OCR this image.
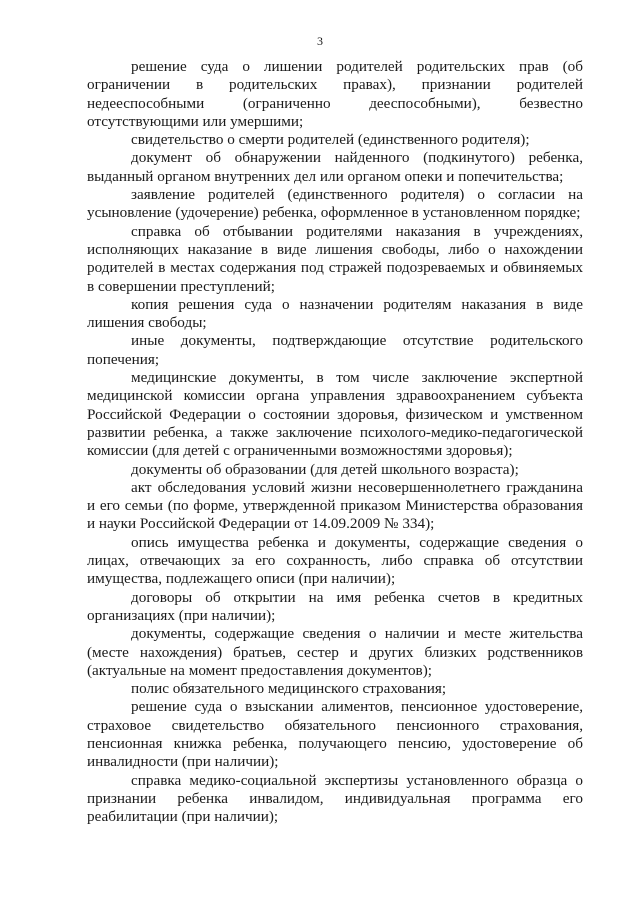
3

решение суда о лишении родителей родительских прав (об ограничении в родительских правах), признании родителей недееспособными (ограниченно дееспособными), безвестно отсутствующими или умершими;

свидетельство о смерти родителей (единственного родителя);

документ об обнаружении найденного (подкинутого) ребенка, выданный органом внутренних дел или органом опеки и попечительства;

заявление родителей (единственного родителя) о согласии на усыновление (удочерение) ребенка, оформленное в установленном порядке;

справка об отбывании родителями наказания в учреждениях, исполняющих наказание в виде лишения свободы, либо о нахождении родителей в местах содержания под стражей подозреваемых и обвиняемых в совершении преступлений;

копия решения суда о назначении родителям наказания в виде лишения свободы;

иные документы, подтверждающие отсутствие родительского попечения;

медицинские документы, в том числе заключение экспертной медицинской комиссии органа управления здравоохранением субъекта Российской Федерации о состоянии здоровья, физическом и умственном развитии ребенка, а также заключение психолого-медико-педагогической комиссии (для детей с ограниченными возможностями здоровья);

документы об образовании (для детей школьного возраста);

акт обследования условий жизни несовершеннолетнего гражданина и его семьи (по форме, утвержденной приказом Министерства образования и науки Российской Федерации от 14.09.2009 № 334);

опись имущества ребенка и документы, содержащие сведения о лицах, отвечающих за его сохранность, либо справка об отсутствии имущества, подлежащего описи (при наличии);

договоры об открытии на имя ребенка счетов в кредитных организациях (при наличии);

документы, содержащие сведения о наличии и месте жительства (месте нахождения) братьев, сестер и других близких родственников (актуальные на момент предоставления документов);

полис обязательного медицинского страхования;

решение суда о взыскании алиментов, пенсионное удостоверение, страховое свидетельство обязательного пенсионного страхования, пенсионная книжка ребенка, получающего пенсию, удостоверение об инвалидности (при наличии);

справка медико-социальной экспертизы установленного образца о признании ребенка инвалидом, индивидуальная программа его реабилитации (при наличии);
